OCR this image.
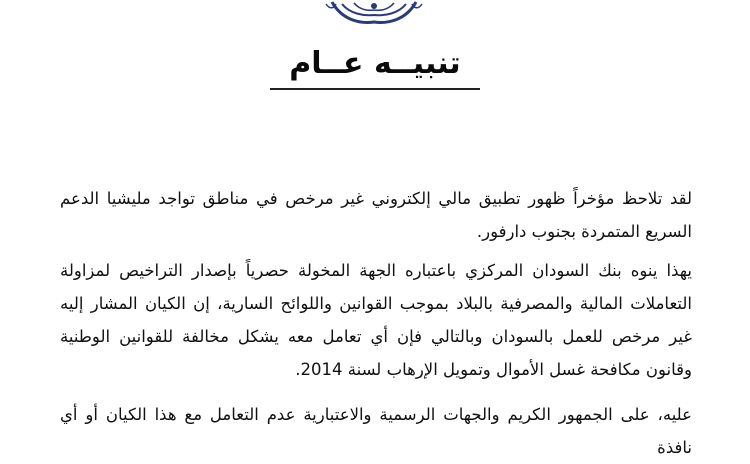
تنبيــه عــام

لقد تلاحظ مؤخراً ظهور تطبيق مالي إلكتروني غير مرخص في مناطق تواجد مليشيا الدعم السريع المتمردة بجنوب دارفور.

يهذا ينوه بنك السودان المركزي باعتباره الجهة المخولة حصرياً بإصدار التراخيص لمزاولة التعاملات المالية والمصرفية بالبلاد بموجب القوانين واللوائح السارية، إن الكيان المشار إليه غير مرخص للعمل بالسودان وبالتالي فإن أي تعامل معه يشكل مخالفة للقوانين الوطنية وقانون مكافحة غسل الأموال وتمويل الإرهاب لسنة 2014.

عليه، على الجمهور الكريم والجهات الرسمية والاعتبارية عدم التعامل مع هذا الكيان أو أي نافذة
